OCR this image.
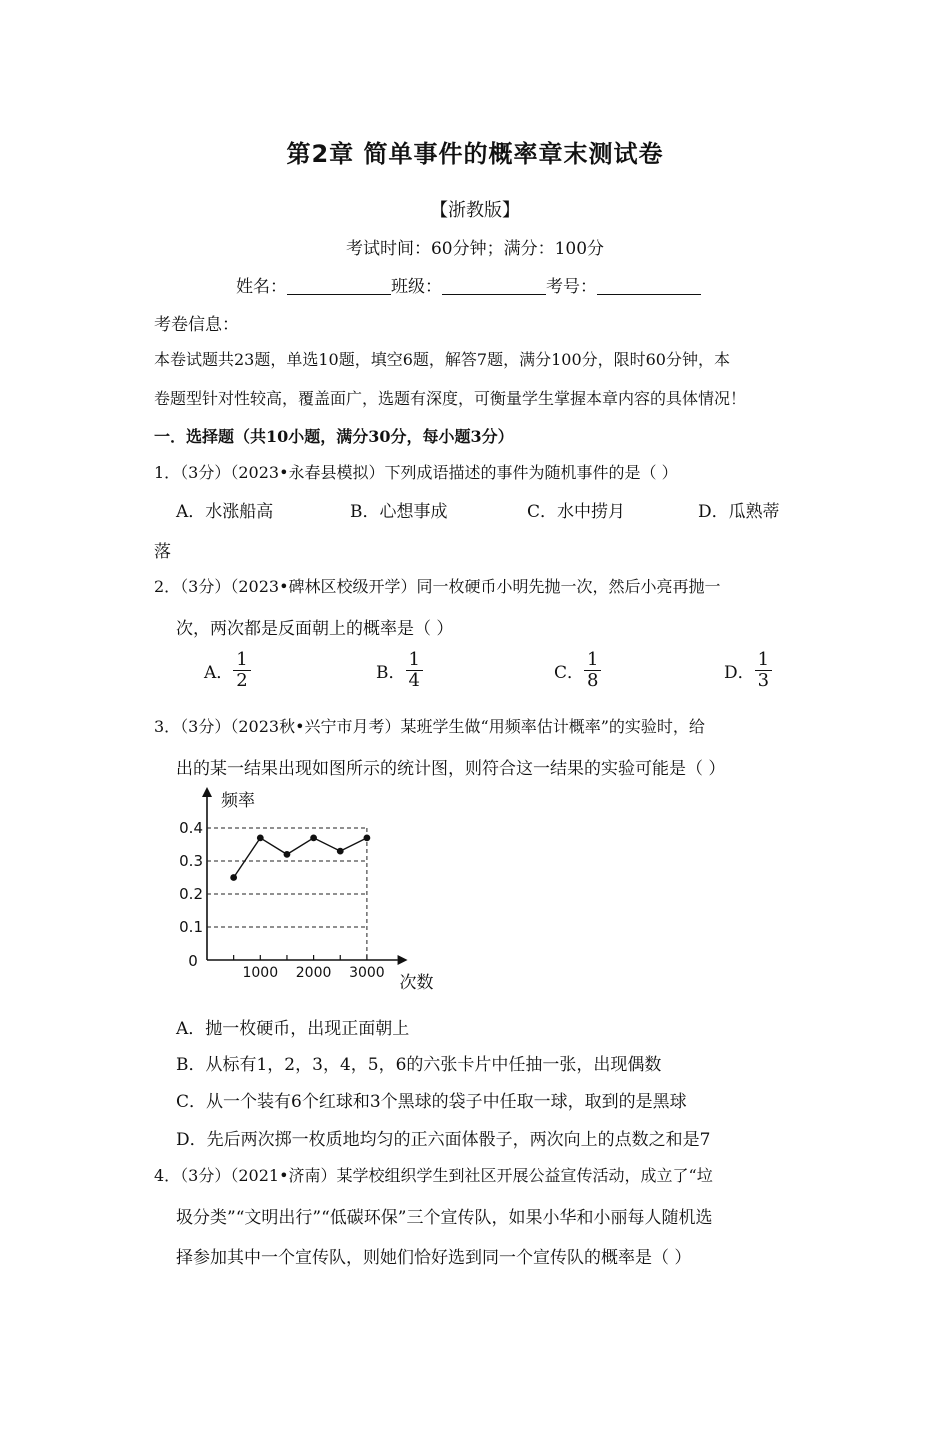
第2章 简单事件的概率章末测试卷
【浙教版】
考试时间：60分钟；满分：100分
姓名：	班级：	考号：
考卷信息：
本卷试题共23题，单选10题，填空6题，解答7题，满分100分，限时60分钟，本
卷题型针对性较高，覆盖面广，选题有深度，可衡量学生掌握本章内容的具体情况！
一．选择题（共10小题，满分30分，每小题3分）
1．（3分）（2023•永春县模拟）下列成语描述的事件为随机事件的是（ ）
A．水涨船高	B．心想事成	C．水中捞月	D．瓜熟蒂
落
2．（3分）（2023•碑林区校级开学）同一枚硬币小明先抛一次，然后小亮再抛一
次，两次都是反面朝上的概率是（ ）
A． $\frac{1}{2}$	B． $\frac{1}{4}$	C． $\frac{1}{8}$	D． $\frac{1}{3}$
3．（3分）（2023秋•兴宁市月考）某班学生做“用频率估计概率”的实验时，给
出的某一结果出现如图所示的统计图，则符合这一结果的实验可能是（ ）
0.4
0.3
0.2
0.1
0
1000 2000 3000
频率
次数
A．抛一枚硬币，出现正面朝上
B．从标有1，2，3，4，5，6的六张卡片中任抽一张，出现偶数
C．从一个装有6个红球和3个黑球的袋子中任取一球，取到的是黑球
D．先后两次掷一枚质地均匀的正六面体骰子，两次向上的点数之和是7
4．（3分）（2021•济南）某学校组织学生到社区开展公益宣传活动，成立了“垃
圾分类”“文明出行”“低碳环保”三个宣传队，如果小华和小丽每人随机选
择参加其中一个宣传队，则她们恰好选到同一个宣传队的概率是（ ）
